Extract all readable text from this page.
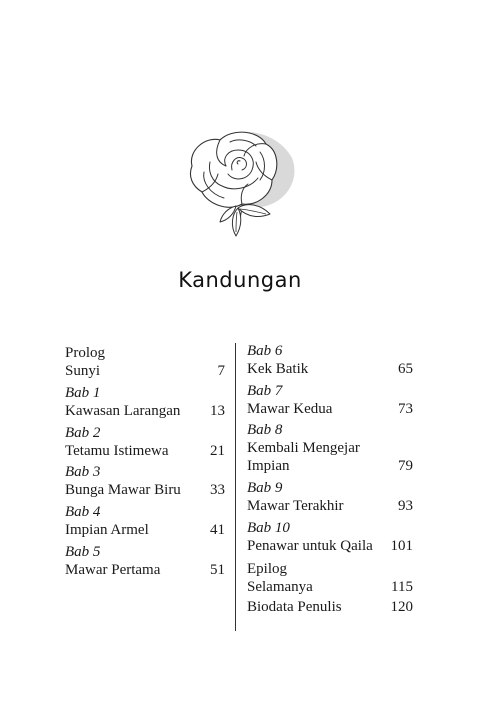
Kandungan
Prolog
Sunyi	7
Bab 1
Kawasan Larangan 13
Bab 2
Tetamu Istimewa	21
Bab 3
Bunga Mawar Biru 33
Bab 4
Impian Armel	41
Bab 5
Mawar Pertama	51
Bab 6
Kek Batik	65
Bab 7
Mawar Kedua	73
Bab 8
Kembali Mengejar
Impian	79
Bab 9
Mawar Terakhir	93
Bab 10
Penawar untuk Qaila 101
Epilog
Selamanya	115
Biodata Penulis	120
